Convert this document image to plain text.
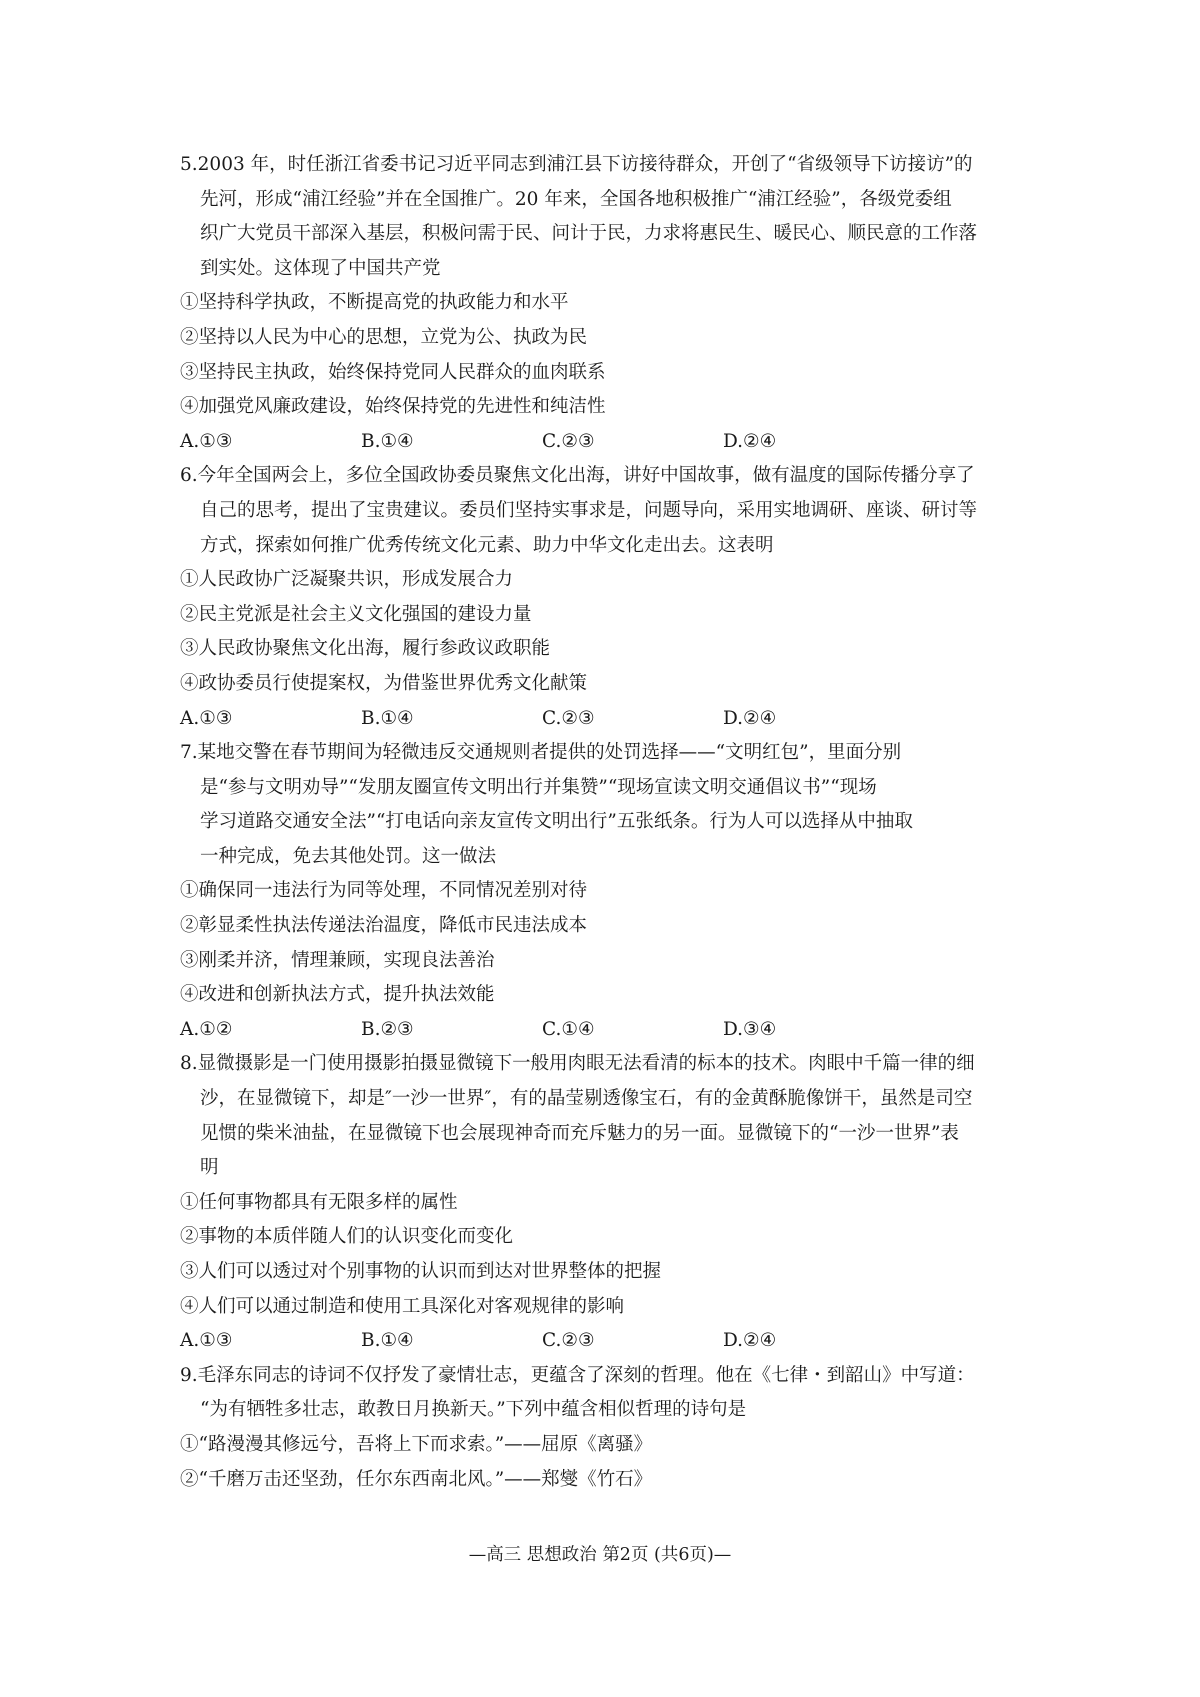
5.2003 年，时任浙江省委书记习近平同志到浦江县下访接待群众，开创了“省级领导下访接访”的
先河，形成“浦江经验”并在全国推广。20 年来，全国各地积极推广“浦江经验”，各级党委组
织广大党员干部深入基层，积极问需于民、问计于民，力求将惠民生、暖民心、顺民意的工作落
到实处。这体现了中国共产党
①坚持科学执政，不断提高党的执政能力和水平
②坚持以人民为中心的思想，立党为公、执政为民
③坚持民主执政，始终保持党同人民群众的血肉联系
④加强党风廉政建设，始终保持党的先进性和纯洁性
A.①③	B.①④	C.②③	D.②④
6.今年全国两会上，多位全国政协委员聚焦文化出海，讲好中国故事，做有温度的国际传播分享了
自己的思考，提出了宝贵建议。委员们坚持实事求是，问题导向，采用实地调研、座谈、研讨等
方式，探索如何推广优秀传统文化元素、助力中华文化走出去。这表明
①人民政协广泛凝聚共识，形成发展合力
②民主党派是社会主义文化强国的建设力量
③人民政协聚焦文化出海，履行参政议政职能
④政协委员行使提案权，为借鉴世界优秀文化献策
A.①③	B.①④	C.②③	D.②④
7.某地交警在春节期间为轻微违反交通规则者提供的处罚选择——“文明红包”，里面分别
是“参与文明劝导”“发朋友圈宣传文明出行并集赞”“现场宣读文明交通倡议书”“现场
学习道路交通安全法”“打电话向亲友宣传文明出行”五张纸条。行为人可以选择从中抽取
一种完成，免去其他处罚。这一做法
①确保同一违法行为同等处理，不同情况差别对待
②彰显柔性执法传递法治温度，降低市民违法成本
③刚柔并济，情理兼顾，实现良法善治
④改进和创新执法方式，提升执法效能
A.①②	B.②③	C.①④	D.③④
8.显微摄影是一门使用摄影拍摄显微镜下一般用肉眼无法看清的标本的技术。肉眼中千篇一律的细
沙，在显微镜下，却是″一沙一世界″，有的晶莹剔透像宝石，有的金黄酥脆像饼干，虽然是司空
见惯的柴米油盐，在显微镜下也会展现神奇而充斥魅力的另一面。显微镜下的“一沙一世界”表
明
①任何事物都具有无限多样的属性
②事物的本质伴随人们的认识变化而变化
③人们可以透过对个别事物的认识而到达对世界整体的把握
④人们可以通过制造和使用工具深化对客观规律的影响
A.①③	B.①④	C.②③	D.②④
9.毛泽东同志的诗词不仅抒发了豪情壮志，更蕴含了深刻的哲理。他在《七律・到韶山》中写道：
“为有牺牲多壮志，敢教日月换新天。”下列中蕴含相似哲理的诗句是
①“路漫漫其修远兮，吾将上下而求索。”——屈原《离骚》
②“千磨万击还坚劲，任尔东西南北风。”——郑燮《竹石》
—高三 思想政治 第2页 (共6页)—
